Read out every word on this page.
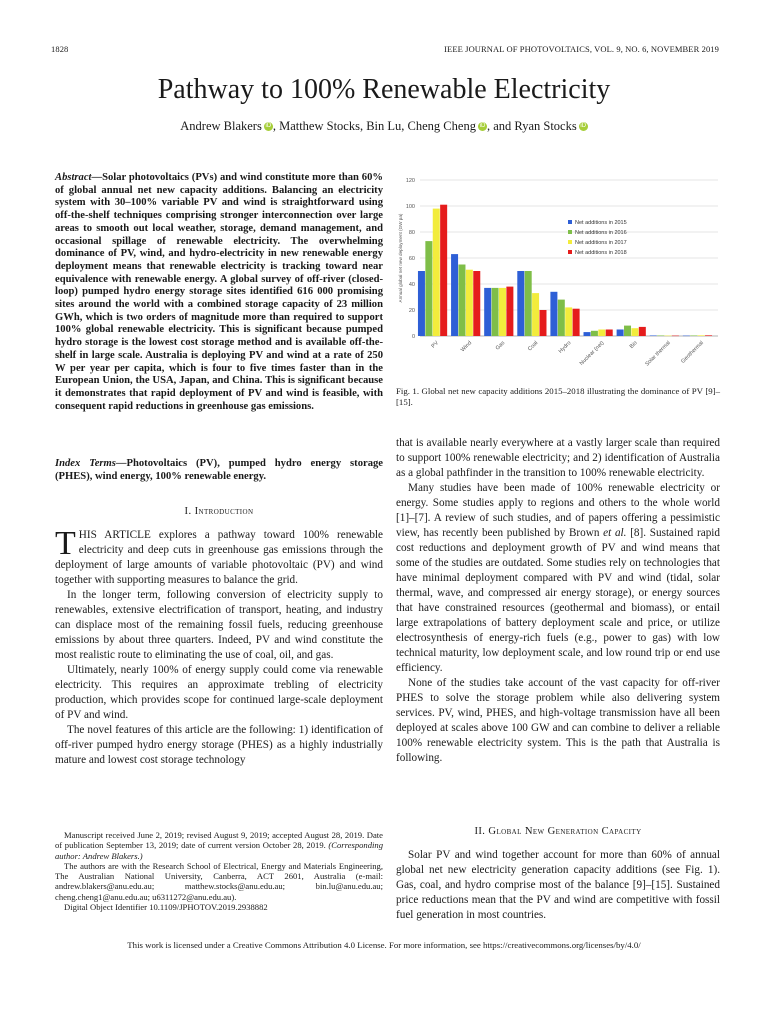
1828	IEEE JOURNAL OF PHOTOVOLTAICS, VOL. 9, NO. 6, NOVEMBER 2019
Pathway to 100% Renewable Electricity
Andrew Blakers iD , Matthew Stocks, Bin Lu, Cheng Cheng iD , and Ryan Stocks iD

Abstract—Solar photovoltaics (PVs) and wind constitute more than 60% of global annual net new capacity additions. Balancing an electricity system with 30–100% variable PV and wind is straightforward using off-the-shelf techniques comprising stronger interconnection over large areas to smooth out local weather, storage, demand management, and occasional spillage of renewable electricity. The overwhelming dominance of PV, wind, and hydro-electricity in new renewable energy deployment means that renewable electricity is tracking toward near equivalence with renewable energy. A global survey of off-river (closed-loop) pumped hydro energy storage sites identified 616 000 promising sites around the world with a combined storage capacity of 23 million GWh, which is two orders of magnitude more than required to support 100% global renewable electricity. This is significant because pumped hydro storage is the lowest cost storage method and is available off-the-shelf in large scale. Australia is deploying PV and wind at a rate of 250 W per year per capita, which is four to five times faster than in the European Union, the USA, Japan, and China. This is significant because it demonstrates that rapid deployment of PV and wind is feasible, with consequent rapid reductions in greenhouse gas emissions.

Index Terms—Photovoltaics (PV), pumped hydro energy storage (PHES), wind energy, 100% renewable energy.

I. Introduction

THIS ARTICLE explores a pathway toward 100% renewable electricity and deep cuts in greenhouse gas emissions through the deployment of large amounts of variable photovoltaic (PV) and wind together with supporting measures to balance the grid.

In the longer term, following conversion of electricity supply to renewables, extensive electrification of transport, heating, and industry can displace most of the remaining fossil fuels, reducing greenhouse emissions by about three quarters. Indeed, PV and wind constitute the most realistic route to eliminating the use of coal, oil, and gas.

Ultimately, nearly 100% of energy supply could come via renewable electricity. This requires an approximate trebling of electricity production, which provides scope for continued large-scale deployment of PV and wind.

The novel features of this article are the following: 1) identification of off-river pumped hydro energy storage (PHES) as a highly industrially mature and lowest cost storage technology

Manuscript received June 2, 2019; revised August 9, 2019; accepted August 28, 2019. Date of publication September 13, 2019; date of current version October 28, 2019. (Corresponding author: Andrew Blakers.)

The authors are with the Research School of Electrical, Energy and Materials Engineering, The Australian National University, Canberra, ACT 2601, Australia (e-mail: andrew.blakers@anu.edu.au; matthew.stocks@anu.edu.au; bin.lu@anu.edu.au; cheng.cheng1@anu.edu.au; u6311272@anu.edu.au).

Digital Object Identifier 10.1109/JPHOTOV.2019.2938882

0
20
40
60
80
100
120
Annual global net new deployment (GW pa)
PV	Wind	Gas	Coal	Hydro Nuclear (net)	Bio Solar thermal Geothermal
Net additions in 2015
Net additions in 2016
Net additions in 2017
Net additions in 2018
Fig. 1. Global net new capacity additions 2015–2018 illustrating the dominance of PV [9]–[15].

that is available nearly everywhere at a vastly larger scale than required to support 100% renewable electricity; and 2) identification of Australia as a global pathfinder in the transition to 100% renewable electricity.

Many studies have been made of 100% renewable electricity or energy. Some studies apply to regions and others to the whole world [1]–[7]. A review of such studies, and of papers offering a pessimistic view, has recently been published by Brown et al. [8]. Sustained rapid cost reductions and deployment growth of PV and wind means that some of the studies are outdated. Some studies rely on technologies that have minimal deployment compared with PV and wind (tidal, solar thermal, wave, and compressed air energy storage), or energy sources that have constrained resources (geothermal and biomass), or entail large extrapolations of battery deployment scale and price, or utilize electrosynthesis of energy-rich fuels (e.g., power to gas) with low technical maturity, low deployment scale, and low round trip or end use efficiency.

None of the studies take account of the vast capacity for off-river PHES to solve the storage problem while also delivering system services. PV, wind, PHES, and high-voltage transmission have all been deployed at scales above 100 GW and can combine to deliver a reliable 100% renewable electricity system. This is the path that Australia is following.

II. Global New Generation Capacity

Solar PV and wind together account for more than 60% of annual global net new electricity generation capacity additions (see Fig. 1). Gas, coal, and hydro comprise most of the balance [9]–[15]. Sustained price reductions mean that the PV and wind are competitive with fossil fuel generation in most countries.

This work is licensed under a Creative Commons Attribution 4.0 License. For more information, see https://creativecommons.org/licenses/by/4.0/
